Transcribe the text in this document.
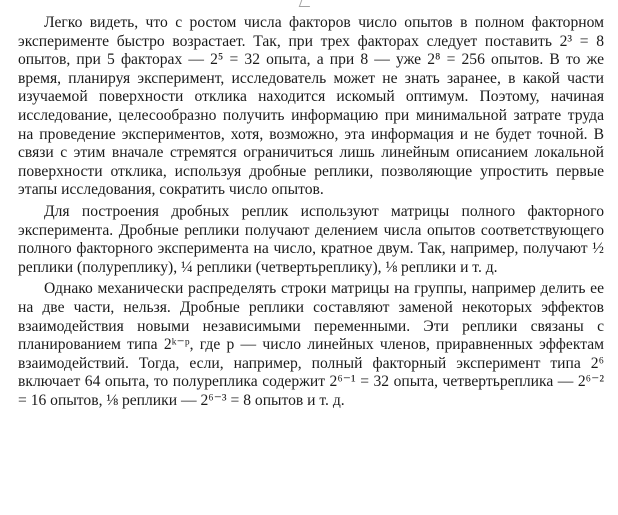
Легко видеть, что с ростом числа факторов число опытов в полном факторном эксперименте быстро возрастает. Так, при трех факторах следует поставить 2³ = 8 опытов, при 5 факторах — 2⁵ = 32 опыта, а при 8 — уже 2⁸ = 256 опытов. В то же время, планируя эксперимент, исследователь может не знать заранее, в какой части изучаемой поверхности отклика находится искомый оптимум. Поэтому, начиная исследование, целесообразно получить информацию при минимальной затрате труда на проведение экспериментов, хотя, возможно, эта информация и не будет точной. В связи с этим вначале стремятся ограничиться лишь линейным описанием локальной поверхности отклика, используя дробные реплики, позволяющие упростить первые этапы исследования, сократить число опытов.

Для построения дробных реплик используют матрицы полного факторного эксперимента. Дробные реплики получают делением числа опытов соответствующего полного факторного эксперимента на число, кратное двум. Так, например, получают ½ реплики (полуреплику), ¼ реплики (четвертьреплику), ⅛ реплики и т. д.

Однако механически распределять строки матрицы на группы, например делить ее на две части, нельзя. Дробные реплики составляют заменой некоторых эффектов взаимодействия новыми независимыми переменными. Эти реплики связаны с планированием типа 2ᵏ⁻ᵖ, где p — число линейных членов, приравненных эффектам взаимодействий. Тогда, если, например, полный факторный эксперимент типа 2⁶ включает 64 опыта, то полуреплика содержит 2⁶⁻¹ = 32 опыта, четвертьреплика — 2⁶⁻² = 16 опытов, ⅛ реплики — 2⁶⁻³ = 8 опытов и т. д.
